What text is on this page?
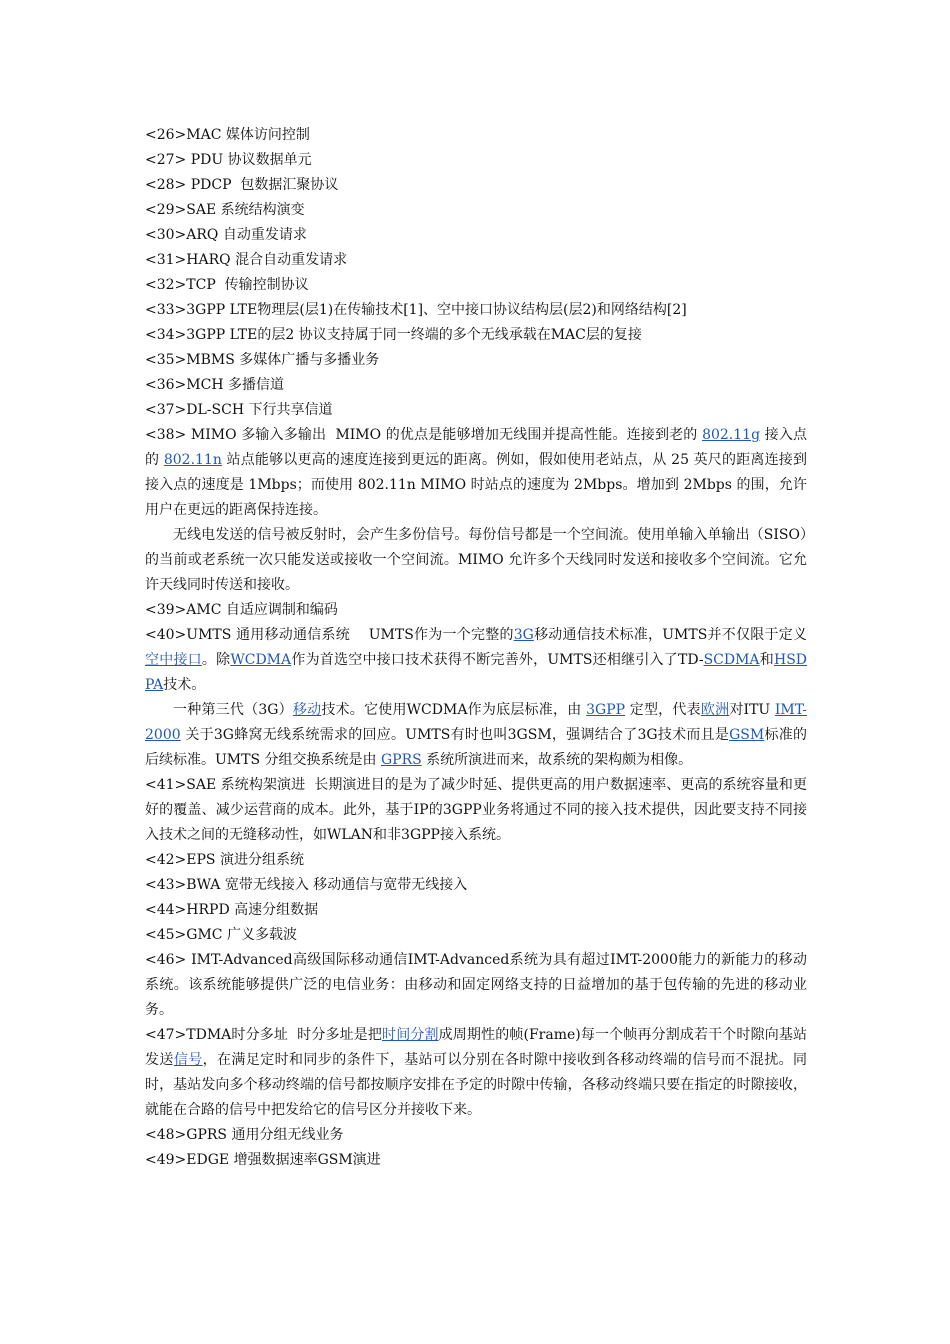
<26>MAC 媒体访问控制

<27> PDU 协议数据单元

<28> PDCP  包数据汇聚协议

<29>SAE 系统结构演变

<30>ARQ 自动重发请求

<31>HARQ 混合自动重发请求

<32>TCP  传输控制协议

<33>3GPP LTE物理层(层1)在传输技术[1]、空中接口协议结构层(层2)和网络结构[2]

<34>3GPP LTE的层2 协议支持属于同一终端的多个无线承载在MAC层的复接

<35>MBMS 多媒体广播与多播业务

<36>MCH 多播信道

<37>DL-SCH 下行共享信道

<38> MIMO 多输入多输出  MIMO 的优点是能够增加无线围并提高性能。连接到老的 802.11g 接入点的 802.11n 站点能够以更高的速度连接到更远的距离。例如，假如使用老站点，从 25 英尺的距离连接到接入点的速度是 1Mbps；而使用 802.11n MIMO 时站点的速度为 2Mbps。增加到 2Mbps 的围，允许用户在更远的距离保持连接。

无线电发送的信号被反射时，会产生多份信号。每份信号都是一个空间流。使用单输入单输出（SISO）的当前或老系统一次只能发送或接收一个空间流。MIMO 允许多个天线同时发送和接收多个空间流。它允许天线同时传送和接收。

<39>AMC 自适应调制和编码

<40>UMTS 通用移动通信系统    UMTS作为一个完整的3G移动通信技术标准，UMTS并不仅限于定义空中接口。除WCDMA作为首选空中接口技术获得不断完善外，UMTS还相继引入了TD-SCDMA和HSDPA技术。

一种第三代（3G）移动技术。它使用WCDMA作为底层标准，由 3GPP 定型，代表欧洲对ITU IMT-2000 关于3G蜂窝无线系统需求的回应。UMTS有时也叫3GSM，强调结合了3G技术而且是GSM标准的后续标准。UMTS 分组交换系统是由 GPRS 系统所演进而来，故系统的架构颇为相像。

<41>SAE 系统构架演进  长期演进目的是为了减少时延、提供更高的用户数据速率、更高的系统容量和更好的覆盖、减少运营商的成本。此外，基于IP的3GPP业务将通过不同的接入技术提供，因此要支持不同接入技术之间的无缝移动性，如WLAN和非3GPP接入系统。

<42>EPS 演进分组系统

<43>BWA 宽带无线接入 移动通信与宽带无线接入

<44>HRPD 高速分组数据

<45>GMC 广义多载波

<46> IMT-Advanced高级国际移动通信IMT-Advanced系统为具有超过IMT-2000能力的新能力的移动系统。该系统能够提供广泛的电信业务：由移动和固定网络支持的日益增加的基于包传输的先进的移动业务。

<47>TDMA时分多址  时分多址是把时间分割成周期性的帧(Frame)每一个帧再分割成若干个时隙向基站发送信号，在满足定时和同步的条件下，基站可以分别在各时隙中接收到各移动终端的信号而不混扰。同时，基站发向多个移动终端的信号都按顺序安排在予定的时隙中传输，各移动终端只要在指定的时隙接收，就能在合路的信号中把发给它的信号区分并接收下来。

<48>GPRS 通用分组无线业务

<49>EDGE 增强数据速率GSM演进
